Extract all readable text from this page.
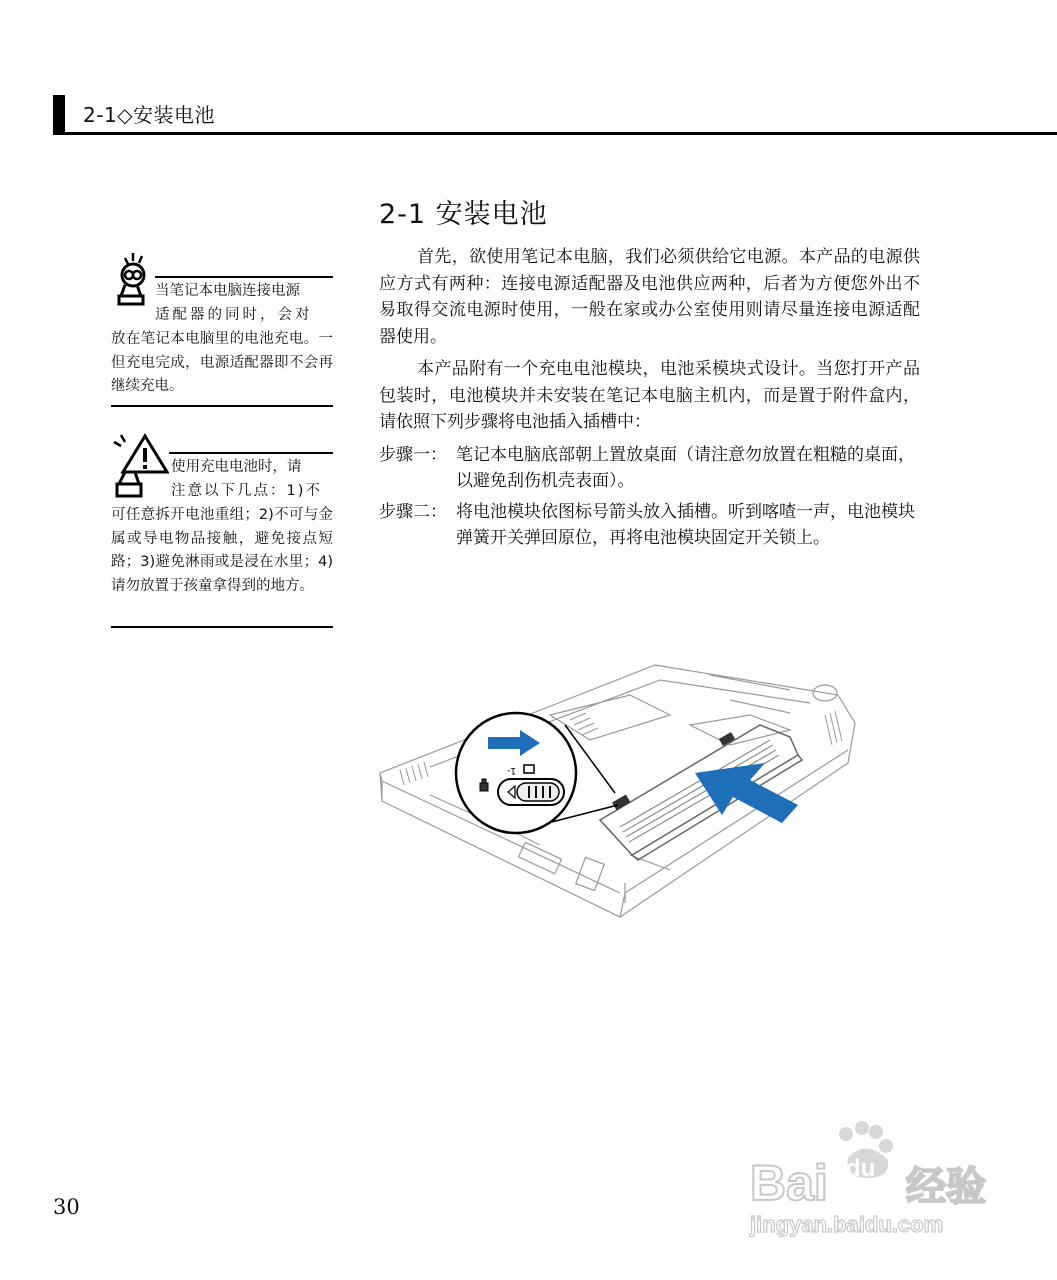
2-1◇安装电池
2-1 安装电池

首先，欲使用笔记本电脑，我们必须供给它电源。本产品的电源供应方式有两种：连接电源适配器及电池供应两种，后者为方便您外出不易取得交流电源时使用，一般在家或办公室使用则请尽量连接电源适配器使用。

本产品附有一个充电电池模块，电池采模块式设计。当您打开产品包装时，电池模块并未安装在笔记本电脑主机内，而是置于附件盒内，请依照下列步骤将电池插入插槽中：

步骤一： 笔记本电脑底部朝上置放桌面（请注意勿放置在粗糙的桌面，以避免刮伤机壳表面）。
步骤二： 将电池模块依图标号箭头放入插槽。听到喀喳一声，电池模块弹簧开关弹回原位，再将电池模块固定开关锁上。
当笔记本电脑连接电源
适配器的同时，会对
放在笔记本电脑里的电池充电。一但充电完成，电源适配器即不会再继续充电。
使用充电电池时，请
注意以下几点：1)不
可任意拆开电池重组；2)不可与金属或导电物品接触，避免接点短路；3)避免淋雨或是浸在水里；4)请勿放置于孩童拿得到的地方。
1-
30	Bai du 经验
jingyan.baidu.com
